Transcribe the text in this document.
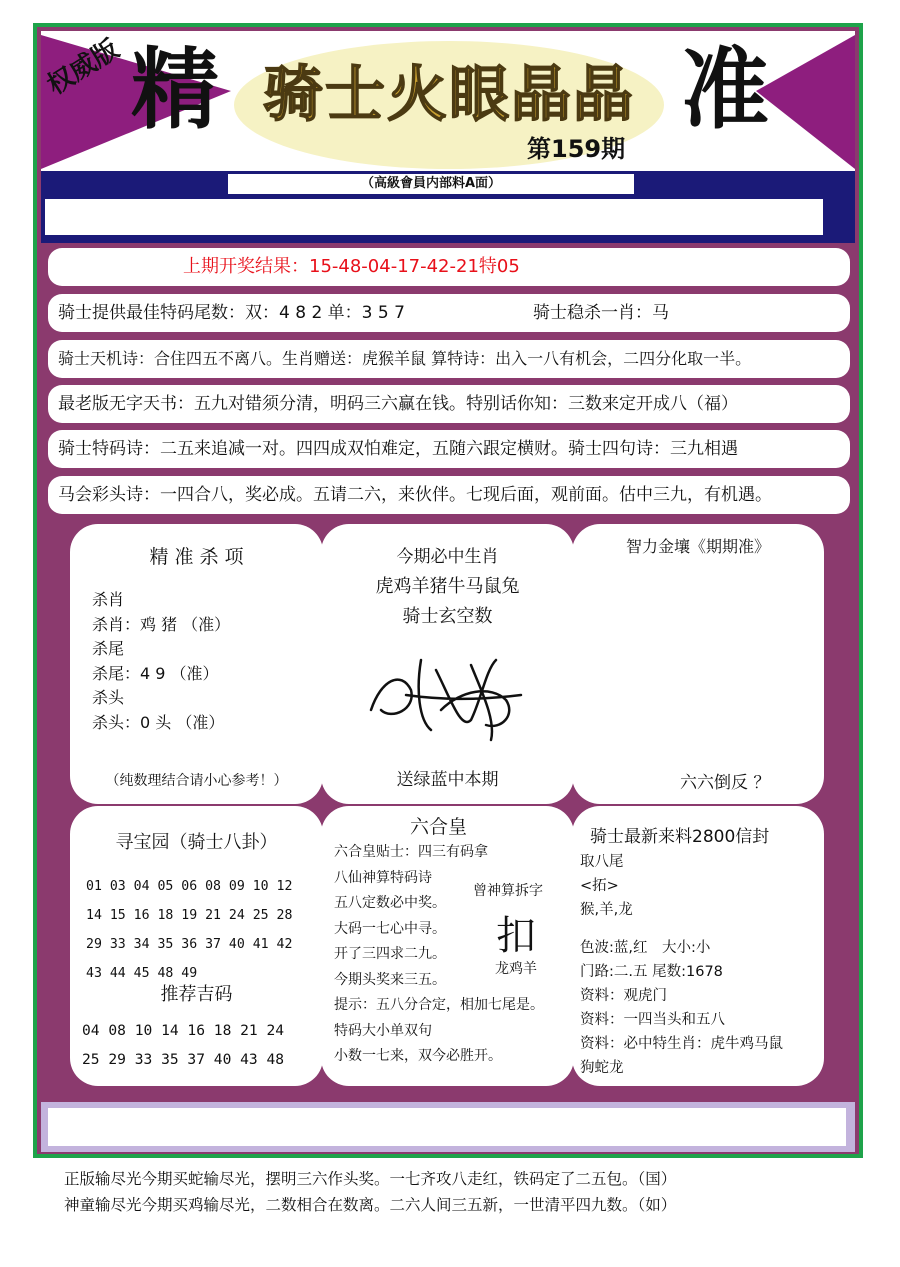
权威版 精 骑士火眼晶晶 准
第159期
（高級會員内部料A面）
上期开奖结果：15-48-04-17-42-21特05
骑士提供最佳特码尾数：双：4 8 2 单：3 5 7	骑士稳杀一肖：马
骑士天机诗：合住四五不离八。生肖赠送：虎猴羊鼠 算特诗：出入一八有机会，二四分化取一半。
最老版无字天书：五九对错须分清，明码三六赢在钱。特别话你知：三数来定开成八（福）
骑士特码诗：二五来追减一对。四四成双怕难定，五随六跟定横财。骑士四句诗：三九相遇
马会彩头诗：一四合八，奖必成。五请二六，来伙伴。七现后面，观前面。估中三九，有机遇。
精 准 杀 项
杀肖
杀肖：鸡 猪 （准）
杀尾
杀尾：4 9 （准）
杀头
杀头：0 头 （准）
（纯数理结合请小心参考！）
今期必中生肖
虎鸡羊猪牛马鼠兔
骑士玄空数
送绿蓝中本期
智力金壤《期期准》
六六倒反 ？
寻宝园（骑士八卦）
01 03 04 05 06 08 09 10 12
14 15 16 18 19 21 24 25 28
29 33 34 35 36 37 40 41 42
43 44 45 48 49
推荐吉码
04 08 10 14 16 18 21 24
25 29 33 35 37 40 43 48
六合皇
六合皇贴士：四三有码拿
八仙神算特码诗
五八定数必中奖。
大码一七心中寻。
开了三四求二九。
今期头奖来三五。
提示：五八分合定，相加七尾是。
特码大小单双句
小数一七来，双今必胜开。
曾神算拆字
扣
龙鸡羊
骑士最新来料2800信封
取八尾
<拓>
猴,羊,龙
色波:蓝,红　大小:小
门路:二.五 尾数:1678
资料：观虎门
资料：一四当头和五八
资料：必中特生肖：虎牛鸡马鼠
狗蛇龙
正版输尽光今期买蛇输尽光，摆明三六作头奖。一七齐攻八走红，铁码定了二五包。（国）
神童输尽光今期买鸡输尽光，二数相合在数离。二六人间三五新，一世清平四九数。（如）
